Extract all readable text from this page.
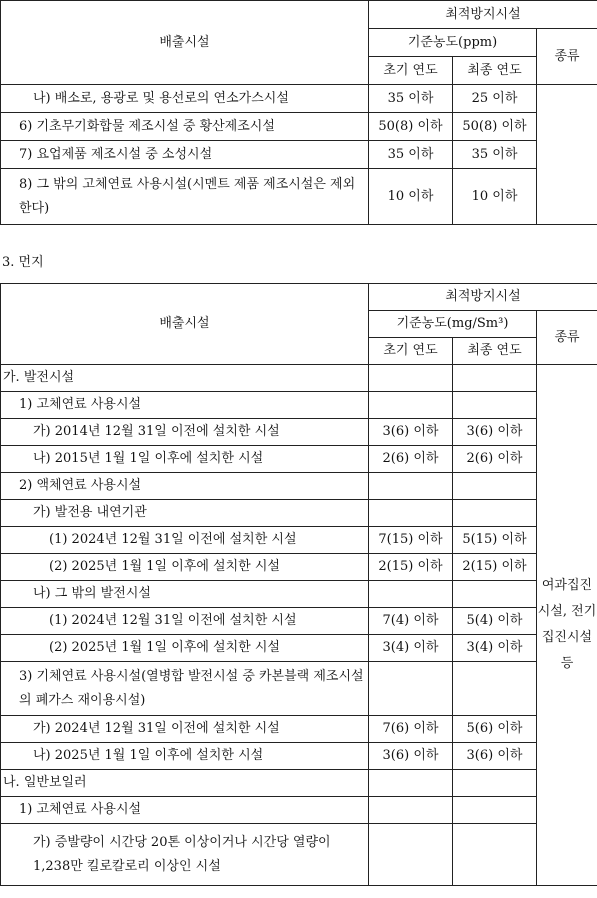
배출시설	최적방지시설		
	기준농도(ppm)		종류
	초기 연도	최종 연도	
나) 배소로, 용광로 및 용선로의 연소가스시설	35 이하	25 이하	
6) 기초무기화합물 제조시설 중 황산제조시설	50(8) 이하	50(8) 이하	
7) 요업제품 제조시설 중 소성시설	35 이하	35 이하	
8) 그 밖의 고체연료 사용시설(시멘트 제품 제조시설은 제외한다)	10 이하	10 이하	
3. 먼지
배출시설	최적방지시설		
	기준농도(mg/Sm³)		종류
	초기 연도	최종 연도	
가. 발전시설			여과집진시설, 전기집진시설 등
1) 고체연료 사용시설			
가) 2014년 12월 31일 이전에 설치한 시설	3(6) 이하	3(6) 이하	
나) 2015년 1월 1일 이후에 설치한 시설	2(6) 이하	2(6) 이하	
2) 액체연료 사용시설			
가) 발전용 내연기관			
(1) 2024년 12월 31일 이전에 설치한 시설	7(15) 이하	5(15) 이하	
(2) 2025년 1월 1일 이후에 설치한 시설	2(15) 이하	2(15) 이하	
나) 그 밖의 발전시설			
(1) 2024년 12월 31일 이전에 설치한 시설	7(4) 이하	5(4) 이하	
(2) 2025년 1월 1일 이후에 설치한 시설	3(4) 이하	3(4) 이하	
3) 기체연료 사용시설(열병합 발전시설 중 카본블랙 제조시설의 폐가스 재이용시설)			
가) 2024년 12월 31일 이전에 설치한 시설	7(6) 이하	5(6) 이하	
나) 2025년 1월 1일 이후에 설치한 시설	3(6) 이하	3(6) 이하	
나. 일반보일러			
1) 고체연료 사용시설			
가) 증발량이 시간당 20톤 이상이거나 시간당 열량이 1,238만 킬로칼로리 이상인 시설			
